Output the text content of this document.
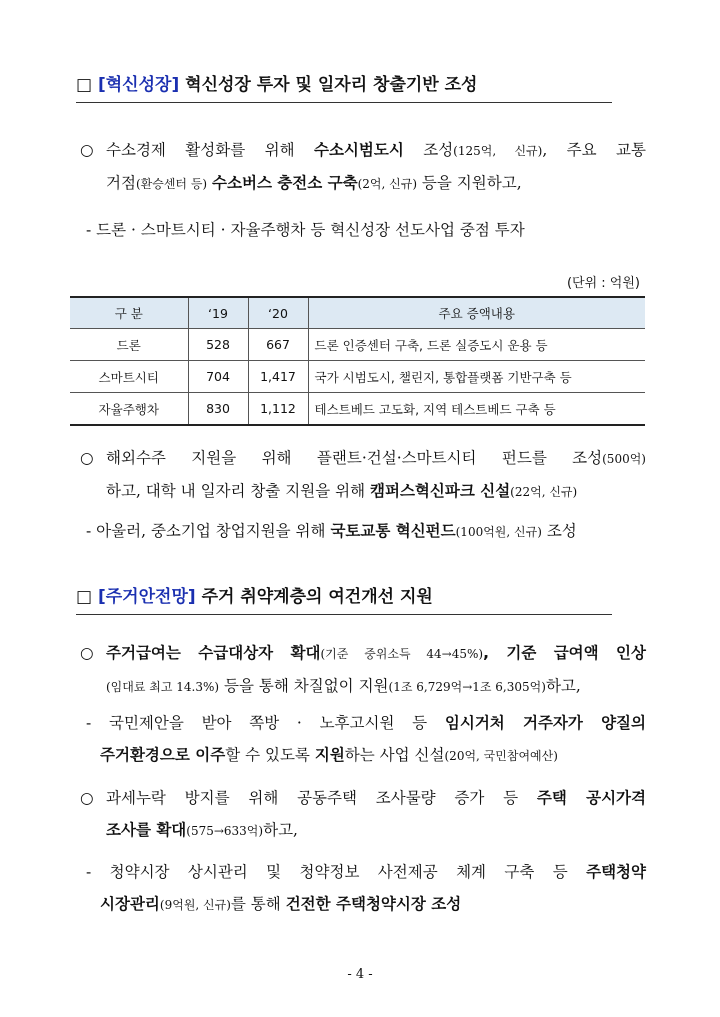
□ [혁신성장] 혁신성장 투자 및 일자리 창출기반 조성
○ 수소경제 활성화를 위해 수소시범도시 조성(125억, 신규), 주요 교통
거점(환승센터 등) 수소버스 충전소 구축(2억, 신규) 등을 지원하고,
- 드론 · 스마트시티 · 자율주행차 등 혁신성장 선도사업 중점 투자
(단위 : 억원)
구 분	‘19	‘20	주요 증액내용
드론	528	667	드론 인증센터 구축, 드론 실증도시 운용 등
스마트시티	704	1,417	국가 시범도시, 챌린지, 통합플랫폼 기반구축 등
자율주행차	830	1,112	테스트베드 고도화, 지역 테스트베드 구축 등
○ 해외수주 지원을 위해 플랜트·건설·스마트시티 펀드를 조성(500억)
하고, 대학 내 일자리 창출 지원을 위해 캠퍼스혁신파크 신설(22억, 신규)
- 아울러, 중소기업 창업지원을 위해 국토교통 혁신펀드(100억원, 신규) 조성
□ [주거안전망] 주거 취약계층의 여건개선 지원
○ 주거급여는 수급대상자 확대(기준 중위소득 44→45%), 기준 급여액 인상
(임대료 최고 14.3%) 등을 통해 차질없이 지원(1조 6,729억→1조 6,305억)하고,
- 국민제안을 받아 쪽방 · 노후고시원 등 임시거처 거주자가 양질의
주거환경으로 이주할 수 있도록 지원하는 사업 신설(20억, 국민참여예산)
○ 과세누락 방지를 위해 공동주택 조사물량 증가 등 주택 공시가격
조사를 확대(575→633억)하고,
- 청약시장 상시관리 및 청약정보 사전제공 체계 구축 등 주택청약
시장관리(9억원, 신규)를 통해 건전한 주택청약시장 조성
- 4 -
